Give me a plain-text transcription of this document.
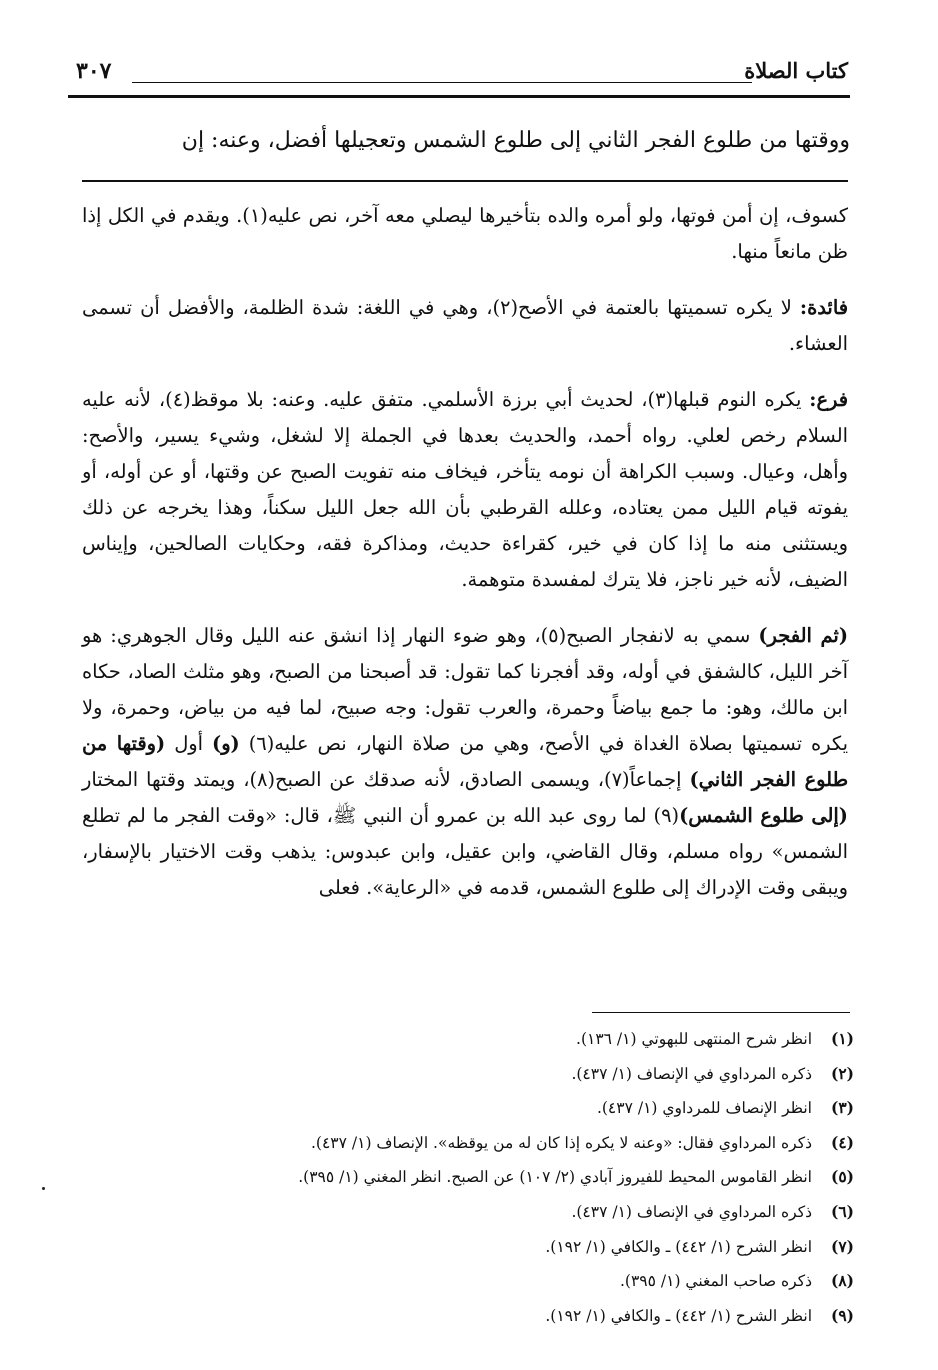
كتاب الصلاة
٣٠٧
ووقتها من طلوع الفجر الثاني إلى طلوع الشمس وتعجيلها أفضل، وعنه: إن

كسوف، إن أمن فوتها، ولو أمره والده بتأخيرها ليصلي معه آخر، نص عليه(١). ويقدم في الكل إذا ظن مانعاً منها.

فائدة: لا يكره تسميتها بالعتمة في الأصح(٢)، وهي في اللغة: شدة الظلمة، والأفضل أن تسمى العشاء.

فرع: يكره النوم قبلها(٣)، لحديث أبي برزة الأسلمي. متفق عليه. وعنه: بلا موقظ(٤)، لأنه عليه السلام رخص لعلي. رواه أحمد، والحديث بعدها في الجملة إلا لشغل، وشيء يسير، والأصح: وأهل، وعيال. وسبب الكراهة أن نومه يتأخر، فيخاف منه تفويت الصبح عن وقتها، أو عن أوله، أو يفوته قيام الليل ممن يعتاده، وعلله القرطبي بأن الله جعل الليل سكناً، وهذا يخرجه عن ذلك ويستثنى منه ما إذا كان في خير، كقراءة حديث، ومذاكرة فقه، وحكايات الصالحين، وإيناس الضيف، لأنه خير ناجز، فلا يترك لمفسدة متوهمة.

(ثم الفجر) سمي به لانفجار الصبح(٥)، وهو ضوء النهار إذا انشق عنه الليل وقال الجوهري: هو آخر الليل، كالشفق في أوله، وقد أفجرنا كما تقول: قد أصبحنا من الصبح، وهو مثلث الصاد، حكاه ابن مالك، وهو: ما جمع بياضاً وحمرة، والعرب تقول: وجه صبيح، لما فيه من بياض، وحمرة، ولا يكره تسميتها بصلاة الغداة في الأصح، وهي من صلاة النهار، نص عليه(٦) (و) أول (وقتها من طلوع الفجر الثاني) إجماعاً(٧)، ويسمى الصادق، لأنه صدقك عن الصبح(٨)، ويمتد وقتها المختار (إلى طلوع الشمس)(٩) لما روى عبد الله بن عمرو أن النبي ﷺ، قال: «وقت الفجر ما لم تطلع الشمس» رواه مسلم، وقال القاضي، وابن عقيل، وابن عبدوس: يذهب وقت الاختيار بالإسفار، ويبقى وقت الإدراك إلى طلوع الشمس، قدمه في «الرعاية». فعلى

(١)انظر شرح المنتهى للبهوتي (١/ ١٣٦).
(٢)ذكره المرداوي في الإنصاف (١/ ٤٣٧).
(٣)انظر الإنصاف للمرداوي (١/ ٤٣٧).
(٤)ذكره المرداوي فقال: «وعنه لا يكره إذا كان له من يوقظه». الإنصاف (١/ ٤٣٧).
(٥)انظر القاموس المحيط للفيروز آبادي (٢/ ١٠٧) عن الصبح. انظر المغني (١/ ٣٩٥).
(٦)ذكره المرداوي في الإنصاف (١/ ٤٣٧).
(٧)انظر الشرح (١/ ٤٤٢) ـ والكافي (١/ ١٩٢).
(٨)ذكره صاحب المغني (١/ ٣٩٥).
(٩)انظر الشرح (١/ ٤٤٢) ـ والكافي (١/ ١٩٢).
